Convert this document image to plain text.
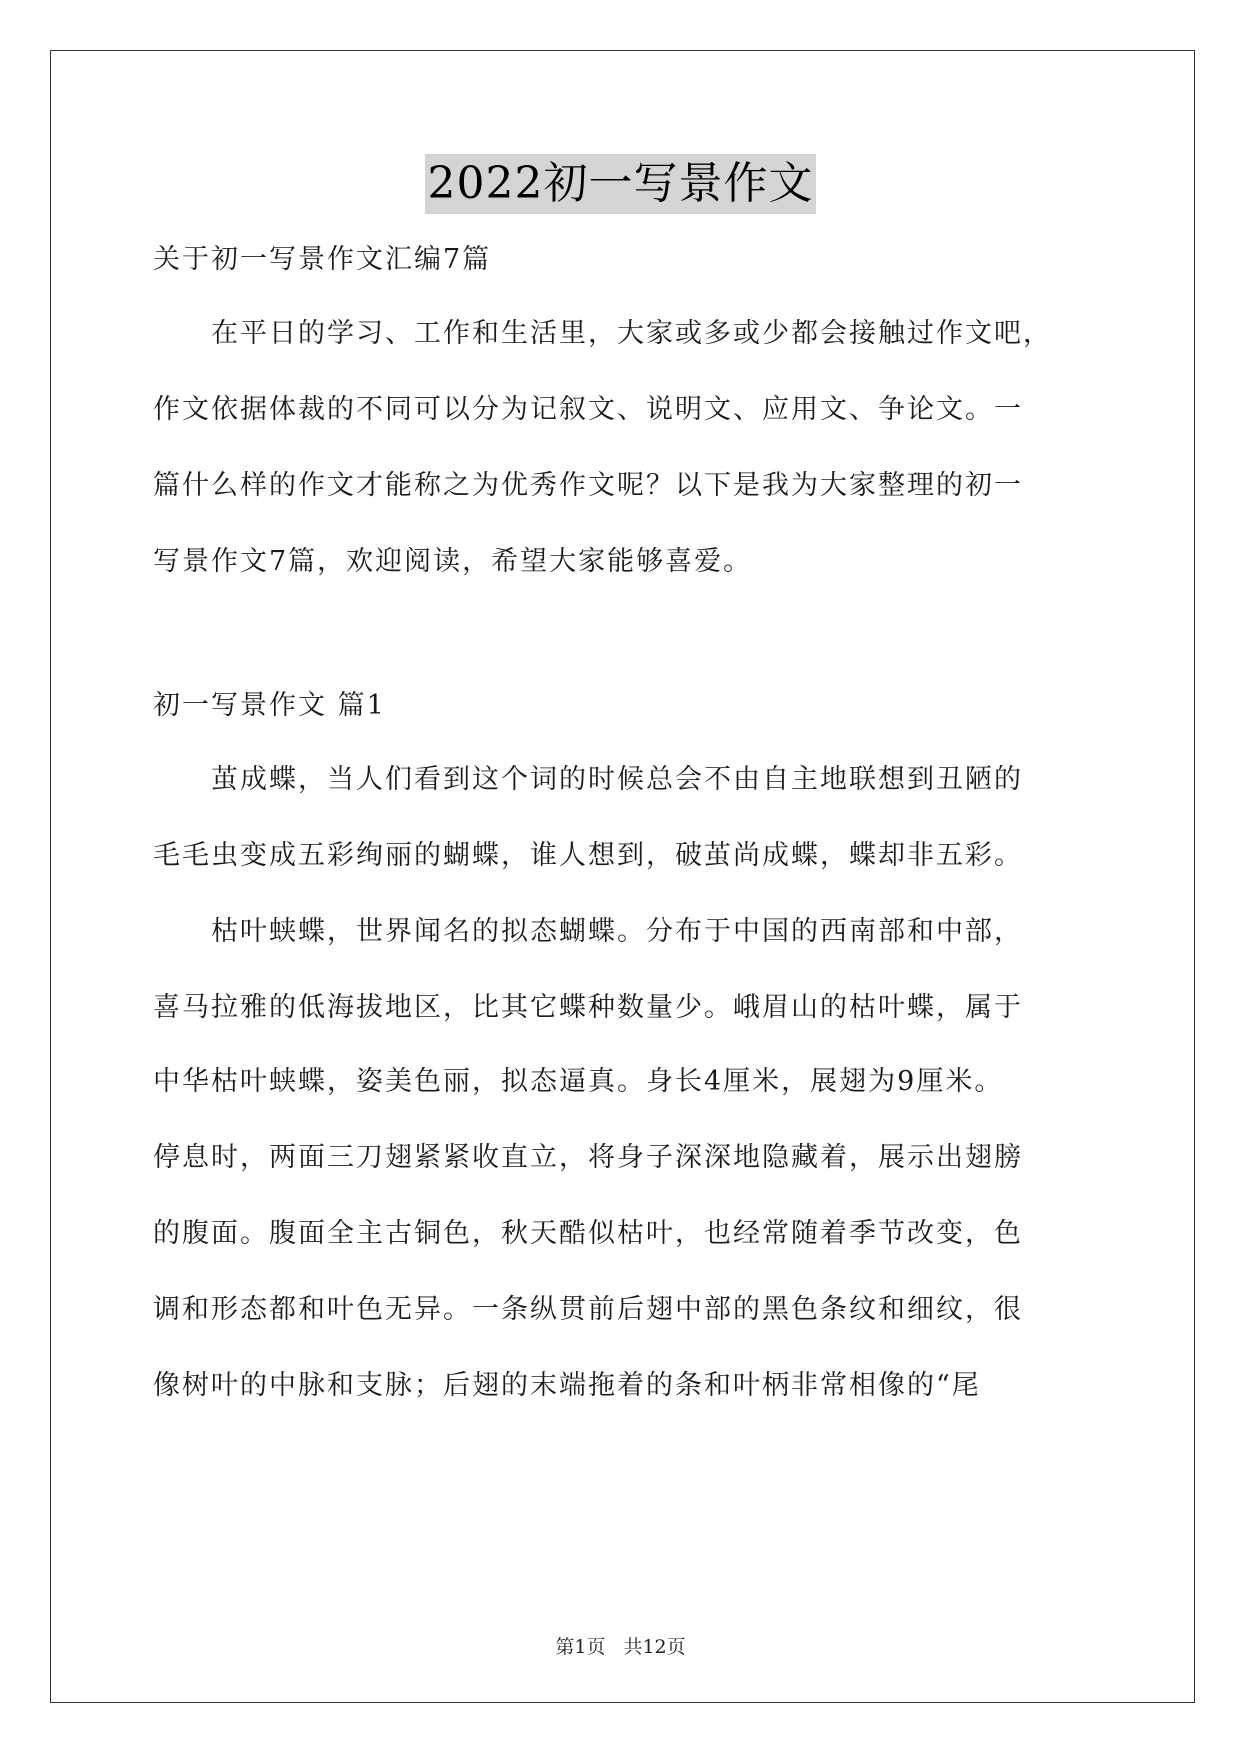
2022初一写景作文
关于初一写景作文汇编7篇
　　在平日的学习、工作和生活里，大家或多或少都会接触过作文吧，
作文依据体裁的不同可以分为记叙文、说明文、应用文、争论文。一
篇什么样的作文才能称之为优秀作文呢？以下是我为大家整理的初一
写景作文7篇，欢迎阅读，希望大家能够喜爱。
初一写景作文 篇1
　　茧成蝶，当人们看到这个词的时候总会不由自主地联想到丑陋的
毛毛虫变成五彩绚丽的蝴蝶，谁人想到，破茧尚成蝶，蝶却非五彩。
　　枯叶蛱蝶，世界闻名的拟态蝴蝶。分布于中国的西南部和中部，
喜马拉雅的低海拔地区，比其它蝶种数量少。峨眉山的枯叶蝶，属于
中华枯叶蛱蝶，姿美色丽，拟态逼真。身长4厘米，展翅为9厘米。
停息时，两面三刀翅紧紧收直立，将身子深深地隐藏着，展示出翅膀
的腹面。腹面全主古铜色，秋天酷似枯叶，也经常随着季节改变，色
调和形态都和叶色无异。一条纵贯前后翅中部的黑色条纹和细纹，很
像树叶的中脉和支脉；后翅的末端拖着的条和叶柄非常相像的“尾
第1页 共12页
